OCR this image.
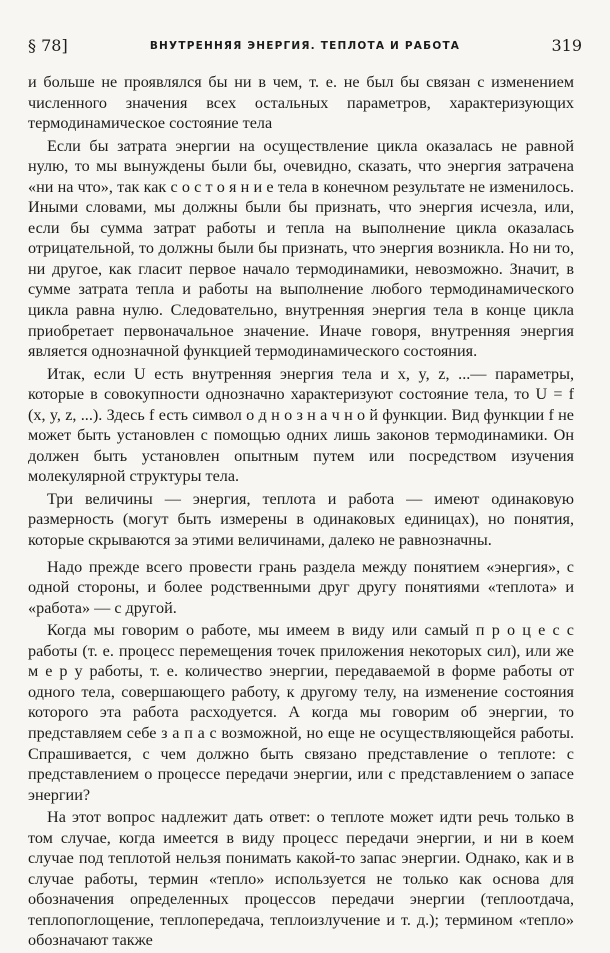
§ 78]	ВНУТРЕННЯЯ ЭНЕРГИЯ. ТЕПЛОТА И РАБОТА	319

и больше не проявлялся бы ни в чем, т. е. не был бы связан с изменением численного значения всех остальных параметров, характеризующих термодинамическое состояние тела

Если бы затрата энергии на осуществление цикла оказалась не равной нулю, то мы вынуждены были бы, очевидно, сказать, что энергия затрачена «ни на что», так как с о с т о я н и е тела в конечном результате не изменилось. Иными словами, мы должны были бы признать, что энергия исчезла, или, если бы сумма затрат работы и тепла на выполнение цикла оказалась отрицательной, то должны были бы признать, что энергия возникла. Но ни то, ни другое, как гласит первое начало термодинамики, невозможно. Значит, в сумме затрата тепла и работы на выполнение любого термодинамического цикла равна нулю. Следовательно, внутренняя энергия тела в конце цикла приобретает первоначальное значение. Иначе говоря, внутренняя энергия является однозначной функцией термодинамического состояния.

Итак, если U есть внутренняя энергия тела и x, y, z, ...— параметры, которые в совокупности однозначно характеризуют состояние тела, то U = f (x, y, z, ...). Здесь f есть символ о д н о з н а ч н о й функции. Вид функции f не может быть установлен с помощью одних лишь законов термодинамики. Он должен быть установлен опытным путем или посредством изучения молекулярной структуры тела.

Три величины — энергия, теплота и работа — имеют одинаковую размерность (могут быть измерены в одинаковых единицах), но понятия, которые скрываются за этими величинами, далеко не равнозначны.

Надо прежде всего провести грань раздела между понятием «энергия», с одной стороны, и более родственными друг другу понятиями «теплота» и «работа» — с другой.

Когда мы говорим о работе, мы имеем в виду или самый п р о ц е с с работы (т. е. процесс перемещения точек приложения некоторых сил), или же м е р у работы, т. е. количество энергии, передаваемой в форме работы от одного тела, совершающего работу, к другому телу, на изменение состояния которого эта работа расходуется. А когда мы говорим об энергии, то представляем себе з а п а с возможной, но еще не осуществляющейся работы. Спрашивается, с чем должно быть связано представление о теплоте: с представлением о процессе передачи энергии, или с представлением о запасе энергии?

На этот вопрос надлежит дать ответ: о теплоте может идти речь только в том случае, когда имеется в виду процесс передачи энергии, и ни в коем случае под теплотой нельзя понимать какой-то запас энергии. Однако, как и в случае работы, термин «тепло» используется не только как основа для обозначения определенных процессов передачи энергии (теплоотдача, теплопоглощение, теплопередача, теплоизлучение и т. д.); термином «тепло» обозначают также
